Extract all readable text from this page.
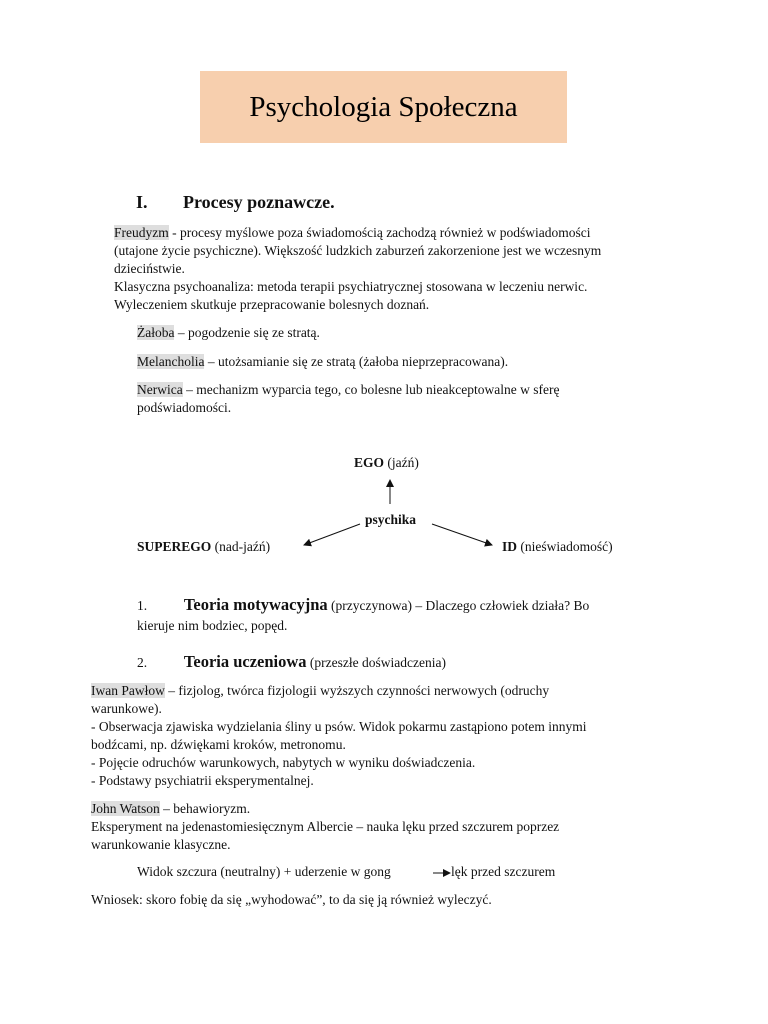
Psychologia Społeczna
I. Procesy poznawcze.
Freudyzm - procesy myślowe poza świadomością zachodzą również w podświadomości
(utajone życie psychiczne). Większość ludzkich zaburzeń zakorzenione jest we wczesnym
dzieciństwie.
Klasyczna psychoanaliza: metoda terapii psychiatrycznej stosowana w leczeniu nerwic.
Wyleczeniem skutkuje przepracowanie bolesnych doznań.
Żałoba – pogodzenie się ze stratą.
Melancholia – utożsamianie się ze stratą (żałoba nieprzepracowana).
Nerwica – mechanizm wyparcia tego, co bolesne lub nieakceptowalne w sferę
podświadomości.
EGO (jaźń)
psychika
SUPEREGO (nad-jaźń)	ID (nieświadomość)
1. Teoria motywacyjna (przyczynowa) – Dlaczego człowiek działa? Bo
kieruje nim bodziec, popęd.
2. Teoria uczeniowa (przeszłe doświadczenia)
Iwan Pawłow – fizjolog, twórca fizjologii wyższych czynności nerwowych (odruchy
warunkowe).
- Obserwacja zjawiska wydzielania śliny u psów. Widok pokarmu zastąpiono potem innymi
bodźcami, np. dźwiękami kroków, metronomu.
- Pojęcie odruchów warunkowych, nabytych w wyniku doświadczenia.
- Podstawy psychiatrii eksperymentalnej.
John Watson – behawioryzm.
Eksperyment na jedenastomiesięcznym Albercie – nauka lęku przed szczurem poprzez
warunkowanie klasyczne.
Widok szczura (neutralny) + uderzenie w gong	lęk przed szczurem
Wniosek: skoro fobię da się „wyhodować”, to da się ją również wyleczyć.
